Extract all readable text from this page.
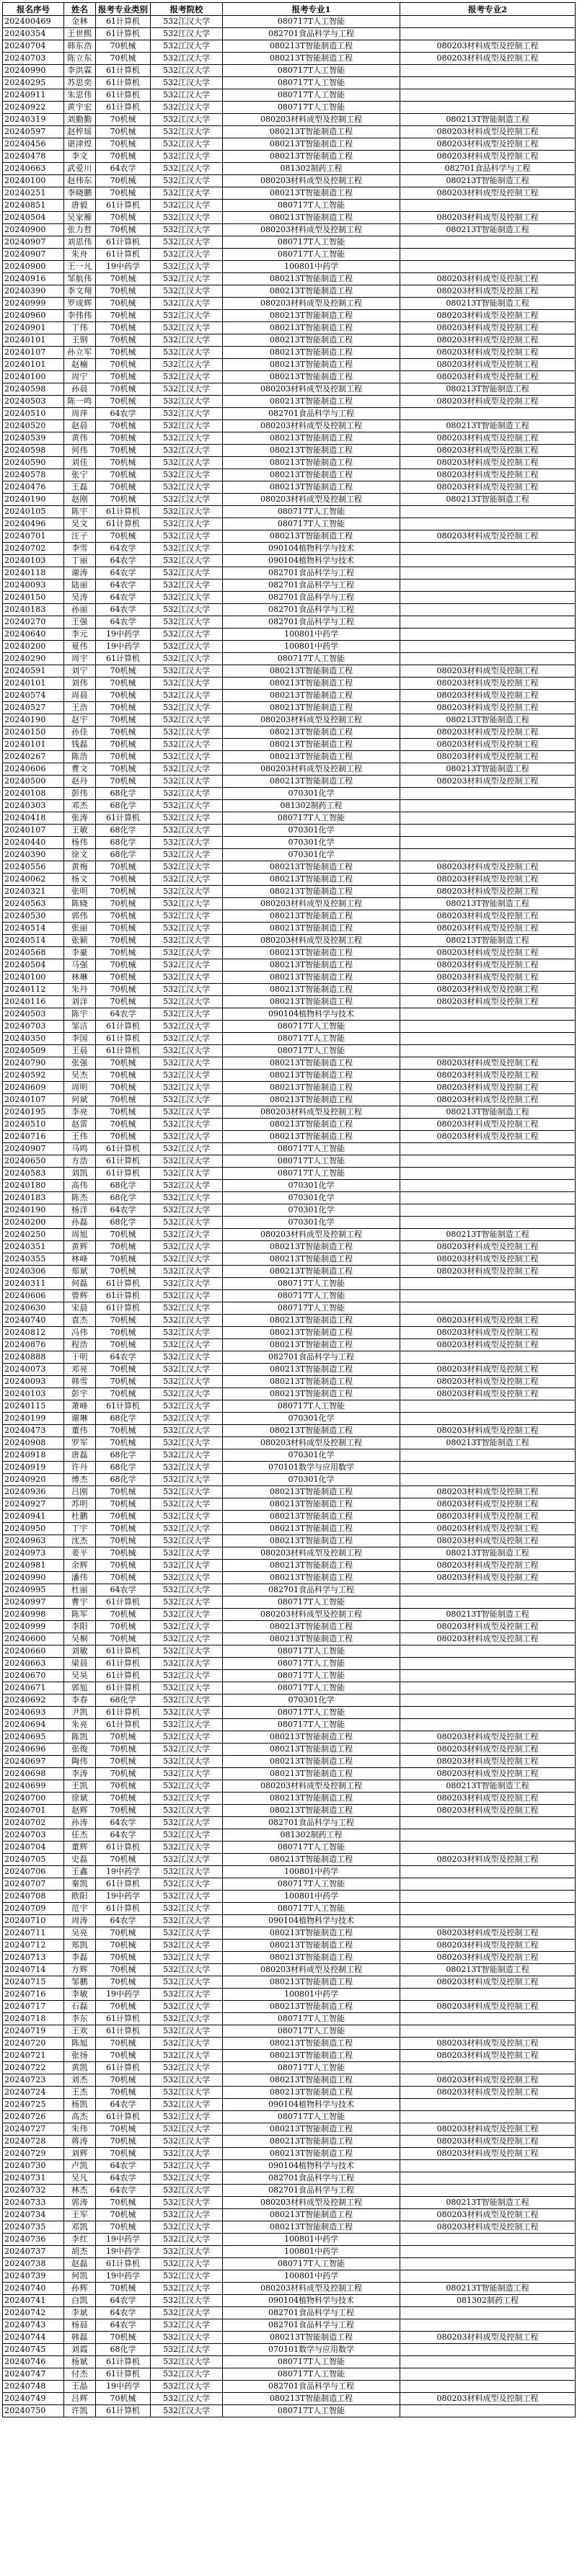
报名序号	姓名	报考专业类别	报考院校	报考专业1	报考专业2
202400469	金林	61计算机	532江汉大学	080717T人工智能	
20240354	王世熙	61计算机	532江汉大学	082701食品科学与工程	
20240704	韩东浩	70机械	532江汉大学	080213T智能制造工程	080203材料成型及控制工程
20240703	陈立东	70机械	532江汉大学	080213T智能制造工程	080203材料成型及控制工程
20240990	李洪霖	61计算机	532江汉大学	080717T人工智能	
20240295	苏思奕	61计算机	532江汉大学	080717T人工智能	
20240911	朱思伟	61计算机	532江汉大学	080717T人工智能	
20240922	黄宇宏	61计算机	532江汉大学	080717T人工智能	
20240319	刘勤勤	70机械	532江汉大学	080203材料成型及控制工程	080213T智能制造工程
20240597	赵梓瑶	70机械	532江汉大学	080213T智能制造工程	080203材料成型及控制工程
20240456	谌津煌	70机械	532江汉大学	080213T智能制造工程	080203材料成型及控制工程
20240478	李文	70机械	532江汉大学	080213T智能制造工程	080203材料成型及控制工程
20240663	武爱川	64农学	532江汉大学	081302制药工程	082701食品科学与工程
20240100	赵伟东	70机械	532江汉大学	080203材料成型及控制工程	080213T智能制造工程
20240251	李晓鹏	70机械	532江汉大学	080213T智能制造工程	080203材料成型及控制工程
20240851	唐毅	61计算机	532江汉大学	080717T人工智能	
20240504	吴家雁	70机械	532江汉大学	080213T智能制造工程	080203材料成型及控制工程
20240900	张力哲	70机械	532江汉大学	080203材料成型及控制工程	080213T智能制造工程
20240907	刘思伟	61计算机	532江汉大学	080717T人工智能	
20240907	朱舟	61计算机	532江汉大学	080717T人工智能	
20240900	王一凡	19中药学	532江汉大学	100801中药学	
20240916	邹航伟	70机械	532江汉大学	080213T智能制造工程	080203材料成型及控制工程
20240390	李文翔	70机械	532江汉大学	080213T智能制造工程	080203材料成型及控制工程
20240999	罗成辉	70机械	532江汉大学	080203材料成型及控制工程	080213T智能制造工程
20240960	李伟伟	70机械	532江汉大学	080213T智能制造工程	080203材料成型及控制工程
20240901	丁伟	70机械	532江汉大学	080213T智能制造工程	080203材料成型及控制工程
20240101	王钢	70机械	532江汉大学	080213T智能制造工程	080203材料成型及控制工程
20240107	孙立军	70机械	532江汉大学	080213T智能制造工程	080203材料成型及控制工程
20240101	赵楠	70机械	532江汉大学	080213T智能制造工程	080203材料成型及控制工程
20240100	周宁	70机械	532江汉大学	080213T智能制造工程	080203材料成型及控制工程
20240598	孙晨	70机械	532江汉大学	080203材料成型及控制工程	080213T智能制造工程
20240503	陈一鸣	70机械	532江汉大学	080213T智能制造工程	080203材料成型及控制工程
20240510	周萍	64农学	532江汉大学	082701食品科学与工程	
20240520	赵晨	70机械	532江汉大学	080203材料成型及控制工程	080213T智能制造工程
20240539	黄伟	70机械	532江汉大学	080213T智能制造工程	080203材料成型及控制工程
20240598	何伟	70机械	532江汉大学	080213T智能制造工程	080203材料成型及控制工程
20240590	刘佳	70机械	532江汉大学	080213T智能制造工程	080203材料成型及控制工程
20240578	张宁	70机械	532江汉大学	080213T智能制造工程	080203材料成型及控制工程
20240476	王磊	70机械	532江汉大学	080213T智能制造工程	080203材料成型及控制工程
20240190	赵刚	70机械	532江汉大学	080203材料成型及控制工程	080213T智能制造工程
20240105	陈宇	61计算机	532江汉大学	080717T人工智能	
20240496	吴文	61计算机	532江汉大学	080717T人工智能	
20240701	汪子	70机械	532江汉大学	080213T智能制造工程	080203材料成型及控制工程
20240702	李雪	64农学	532江汉大学	090104植物科学与技术	
20240103	丁丽	64农学	532江汉大学	090104植物科学与技术	
20240118	谢涛	64农学	532江汉大学	082701食品科学与工程	
20240093	陆丽	64农学	532江汉大学	082701食品科学与工程	
20240150	吴涛	64农学	532江汉大学	082701食品科学与工程	
20240183	孙丽	64农学	532江汉大学	082701食品科学与工程	
20240270	王强	64农学	532江汉大学	082701食品科学与工程	
20240640	李元	19中药学	532江汉大学	100801中药学	
20240200	夏伟	19中药学	532江汉大学	100801中药学	
20240290	周宇	61计算机	532江汉大学	080717T人工智能	
20240591	刘宁	70机械	532江汉大学	080213T智能制造工程	080203材料成型及控制工程
20240101	刘伟	70机械	532江汉大学	080213T智能制造工程	080203材料成型及控制工程
20240574	周晨	70机械	532江汉大学	080213T智能制造工程	080203材料成型及控制工程
20240527	王浩	70机械	532江汉大学	080213T智能制造工程	080203材料成型及控制工程
20240190	赵宇	70机械	532江汉大学	080203材料成型及控制工程	080213T智能制造工程
20240150	孙佳	70机械	532江汉大学	080213T智能制造工程	080203材料成型及控制工程
20240101	钱磊	70机械	532江汉大学	080213T智能制造工程	080203材料成型及控制工程
20240267	陈浩	70机械	532江汉大学	080213T智能制造工程	080203材料成型及控制工程
20240606	曹文	70机械	532江汉大学	080203材料成型及控制工程	080213T智能制造工程
20240500	赵丹	70机械	532江汉大学	080213T智能制造工程	080203材料成型及控制工程
20240108	彭伟	68化学	532江汉大学	070301化学	
20240303	邓杰	68化学	532江汉大学	081302制药工程	
20240418	张涛	61计算机	532江汉大学	080717T人工智能	
20240107	王敏	68化学	532江汉大学	070301化学	
20240440	杨伟	68化学	532江汉大学	070301化学	
20240390	徐文	68化学	532江汉大学	070301化学	
20240556	黄梅	70机械	532江汉大学	080213T智能制造工程	080203材料成型及控制工程
20240062	杨文	70机械	532江汉大学	080213T智能制造工程	080203材料成型及控制工程
20240321	张明	70机械	532江汉大学	080213T智能制造工程	080203材料成型及控制工程
20240563	陈晓	70机械	532江汉大学	080203材料成型及控制工程	080213T智能制造工程
20240530	郭伟	70机械	532江汉大学	080213T智能制造工程	080203材料成型及控制工程
20240514	张丽	70机械	532江汉大学	080213T智能制造工程	080203材料成型及控制工程
20240514	张颖	70机械	532江汉大学	080203材料成型及控制工程	080213T智能制造工程
20240568	李豪	70机械	532江汉大学	080213T智能制造工程	080203材料成型及控制工程
20240504	马强	70机械	532江汉大学	080213T智能制造工程	080203材料成型及控制工程
20240100	林琳	70机械	532江汉大学	080213T智能制造工程	080203材料成型及控制工程
20240112	朱丹	70机械	532江汉大学	080213T智能制造工程	080203材料成型及控制工程
20240116	刘洋	70机械	532江汉大学	080213T智能制造工程	080203材料成型及控制工程
20240503	陈宇	64农学	532江汉大学	090104植物科学与技术	
20240703	邹洁	61计算机	532江汉大学	080717T人工智能	
20240350	李国	61计算机	532江汉大学	080717T人工智能	
20240509	王晨	61计算机	532江汉大学	080717T人工智能	
20240790	张强	70机械	532江汉大学	080213T智能制造工程	080203材料成型及控制工程
20240592	吴杰	70机械	532江汉大学	080213T智能制造工程	080203材料成型及控制工程
20240609	周明	70机械	532江汉大学	080213T智能制造工程	080203材料成型及控制工程
20240107	何斌	70机械	532江汉大学	080213T智能制造工程	080203材料成型及控制工程
20240195	李亮	70机械	532江汉大学	080203材料成型及控制工程	080213T智能制造工程
20240510	赵雷	70机械	532江汉大学	080213T智能制造工程	080203材料成型及控制工程
20240716	王伟	70机械	532江汉大学	080213T智能制造工程	080203材料成型及控制工程
20240907	马鸣	61计算机	532江汉大学	080717T人工智能	
20240650	方浩	61计算机	532江汉大学	080717T人工智能	
20240583	刘凯	61计算机	532江汉大学	080717T人工智能	
20240180	高伟	68化学	532江汉大学	070301化学	
20240183	陈杰	68化学	532江汉大学	070301化学	
20240190	杨洋	64农学	532江汉大学	070301化学	
20240200	孙磊	68化学	532江汉大学	070301化学	
20240250	周旭	70机械	532江汉大学	080203材料成型及控制工程	080213T智能制造工程
20240351	黄辉	70机械	532江汉大学	080213T智能制造工程	080203材料成型及控制工程
20240355	林峰	70机械	532江汉大学	080213T智能制造工程	080203材料成型及控制工程
20240306	郑斌	70机械	532江汉大学	080213T智能制造工程	080203材料成型及控制工程
20240311	何磊	61计算机	532江汉大学	080717T人工智能	
20240606	曾辉	61计算机	532江汉大学	080717T人工智能	
20240630	宋晨	61计算机	532江汉大学	080717T人工智能	
20240740	袁杰	70机械	532江汉大学	080213T智能制造工程	080203材料成型及控制工程
20240812	冯伟	70机械	532江汉大学	080213T智能制造工程	080203材料成型及控制工程
20240876	程浩	70机械	532江汉大学	080213T智能制造工程	080203材料成型及控制工程
20240888	于明	64农学	532江汉大学	082701食品科学与工程	
20240073	邓亮	70机械	532江汉大学	080213T智能制造工程	080203材料成型及控制工程
20240093	韩雪	70机械	532江汉大学	080213T智能制造工程	080203材料成型及控制工程
20240103	彭宇	70机械	532江汉大学	080213T智能制造工程	080203材料成型及控制工程
20240115	萧峰	61计算机	532江汉大学	080717T人工智能	
20240199	谢琳	68化学	532江汉大学	070301化学	
20240473	董伟	70机械	532江汉大学	080213T智能制造工程	080203材料成型及控制工程
20240908	罗军	70机械	532江汉大学	080203材料成型及控制工程	080213T智能制造工程
20240918	唐磊	68化学	532江汉大学	070301化学	
20240919	许丹	68化学	532江汉大学	070101数学与应用数学	
20240920	傅杰	68化学	532江汉大学	070301化学	
20240936	吕刚	70机械	532江汉大学	080213T智能制造工程	080203材料成型及控制工程
20240927	苏明	70机械	532江汉大学	080213T智能制造工程	080203材料成型及控制工程
20240941	杜鹏	70机械	532江汉大学	080213T智能制造工程	080203材料成型及控制工程
20240950	丁宇	70机械	532江汉大学	080213T智能制造工程	080203材料成型及控制工程
20240963	沈杰	70机械	532江汉大学	080213T智能制造工程	080203材料成型及控制工程
20240973	姜平	70机械	532江汉大学	080203材料成型及控制工程	080213T智能制造工程
20240981	余辉	70机械	532江汉大学	080213T智能制造工程	080203材料成型及控制工程
20240990	潘伟	70机械	532江汉大学	080213T智能制造工程	080203材料成型及控制工程
20240995	杜丽	64农学	532江汉大学	082701食品科学与工程	
20240997	曹宇	61计算机	532江汉大学	080717T人工智能	
20240998	陈军	70机械	532江汉大学	080203材料成型及控制工程	080213T智能制造工程
20240999	李阳	70机械	532江汉大学	080213T智能制造工程	080203材料成型及控制工程
20240600	吴桐	70机械	532江汉大学	080213T智能制造工程	080203材料成型及控制工程
20240660	刘敏	61计算机	532江汉大学	080717T人工智能	
20240663	梁晨	61计算机	532江汉大学	080717T人工智能	
20240670	吴昊	61计算机	532江汉大学	080717T人工智能	
20240671	郭旭	61计算机	532江汉大学	080717T人工智能	
20240692	李春	68化学	532江汉大学	070301化学	
20240693	尹凯	61计算机	532江汉大学	080717T人工智能	
20240694	朱亮	61计算机	532江汉大学	080717T人工智能	
20240695	陈凯	70机械	532江汉大学	080213T智能制造工程	080203材料成型及控制工程
20240696	张俊	70机械	532江汉大学	080213T智能制造工程	080203材料成型及控制工程
20240697	陶伟	70机械	532江汉大学	080213T智能制造工程	080203材料成型及控制工程
20240698	李涛	70机械	532江汉大学	080213T智能制造工程	080203材料成型及控制工程
20240699	王凯	70机械	532江汉大学	080203材料成型及控制工程	080213T智能制造工程
20240700	徐斌	70机械	532江汉大学	080213T智能制造工程	080203材料成型及控制工程
20240701	赵辉	70机械	532江汉大学	080213T智能制造工程	080203材料成型及控制工程
20240702	孙涛	64农学	532江汉大学	082701食品科学与工程	
20240703	任杰	64农学	532江汉大学	081302制药工程	
20240704	董辉	61计算机	532江汉大学	080717T人工智能	
20240705	史磊	70机械	532江汉大学	080213T智能制造工程	080203材料成型及控制工程
20240706	王鑫	19中药学	532江汉大学	100801中药学	
20240707	秦凯	61计算机	532江汉大学	080717T人工智能	
20240708	欧阳	19中药学	532江汉大学	100801中药学	
20240709	范宇	61计算机	532江汉大学	080717T人工智能	
20240710	周涛	64农学	532江汉大学	090104植物科学与技术	
20240711	吴亮	70机械	532江汉大学	080213T智能制造工程	080203材料成型及控制工程
20240712	郑凯	70机械	532江汉大学	080213T智能制造工程	080203材料成型及控制工程
20240713	李磊	70机械	532江汉大学	080213T智能制造工程	080203材料成型及控制工程
20240714	方辉	70机械	532江汉大学	080203材料成型及控制工程	080213T智能制造工程
20240715	邹鹏	70机械	532江汉大学	080213T智能制造工程	080203材料成型及控制工程
20240716	李敏	19中药学	532江汉大学	100801中药学	
20240717	石磊	70机械	532江汉大学	080213T智能制造工程	080203材料成型及控制工程
20240718	李东	61计算机	532江汉大学	080717T人工智能	
20240719	王欢	61计算机	532江汉大学	080717T人工智能	
20240720	陈旭	70机械	532江汉大学	080213T智能制造工程	080203材料成型及控制工程
20240721	张扬	70机械	532江汉大学	080213T智能制造工程	080203材料成型及控制工程
20240722	黄凯	61计算机	532江汉大学	080717T人工智能	
20240723	刘杰	70机械	532江汉大学	080213T智能制造工程	080203材料成型及控制工程
20240724	王杰	70机械	532江汉大学	080213T智能制造工程	080203材料成型及控制工程
20240725	杨凯	64农学	532江汉大学	090104植物科学与技术	
20240726	高杰	61计算机	532江汉大学	080717T人工智能	
20240727	朱伟	70机械	532江汉大学	080213T智能制造工程	080203材料成型及控制工程
20240728	蒋涛	70机械	532江汉大学	080213T智能制造工程	080203材料成型及控制工程
20240729	刘辉	70机械	532江汉大学	080213T智能制造工程	080203材料成型及控制工程
20240730	卢凯	64农学	532江汉大学	090104植物科学与技术	
20240731	吴凡	64农学	532江汉大学	082701食品科学与工程	
20240732	林杰	64农学	532江汉大学	082701食品科学与工程	
20240733	郭涛	70机械	532江汉大学	080203材料成型及控制工程	080213T智能制造工程
20240734	王军	70机械	532江汉大学	080213T智能制造工程	080203材料成型及控制工程
20240735	邓凯	70机械	532江汉大学	080213T智能制造工程	080203材料成型及控制工程
20240736	李红	19中药学	532江汉大学	100801中药学	
20240737	胡杰	19中药学	532江汉大学	100801中药学	
20240738	赵磊	61计算机	532江汉大学	080717T人工智能	
20240739	何凯	19中药学	532江汉大学	100801中药学	
20240740	孙辉	70机械	532江汉大学	080203材料成型及控制工程	080213T智能制造工程
20240741	白凯	64农学	532江汉大学	090104植物科学与技术	081302制药工程
20240742	李斌	64农学	532江汉大学	082701食品科学与工程	
20240743	杨晨	64农学	532江汉大学	082701食品科学与工程	
20240744	韩磊	70机械	532江汉大学	080213T智能制造工程	080203材料成型及控制工程
20240745	刘霞	68化学	532江汉大学	070101数学与应用数学	
20240746	杨斌	61计算机	532江汉大学	080717T人工智能	
20240747	付杰	61计算机	532江汉大学	080717T人工智能	
20240748	王晶	19中药学	532江汉大学	082701食品科学与工程	
20240749	吕辉	70机械	532江汉大学	080213T智能制造工程	080203材料成型及控制工程
20240750	许凯	61计算机	532江汉大学	080717T人工智能	
